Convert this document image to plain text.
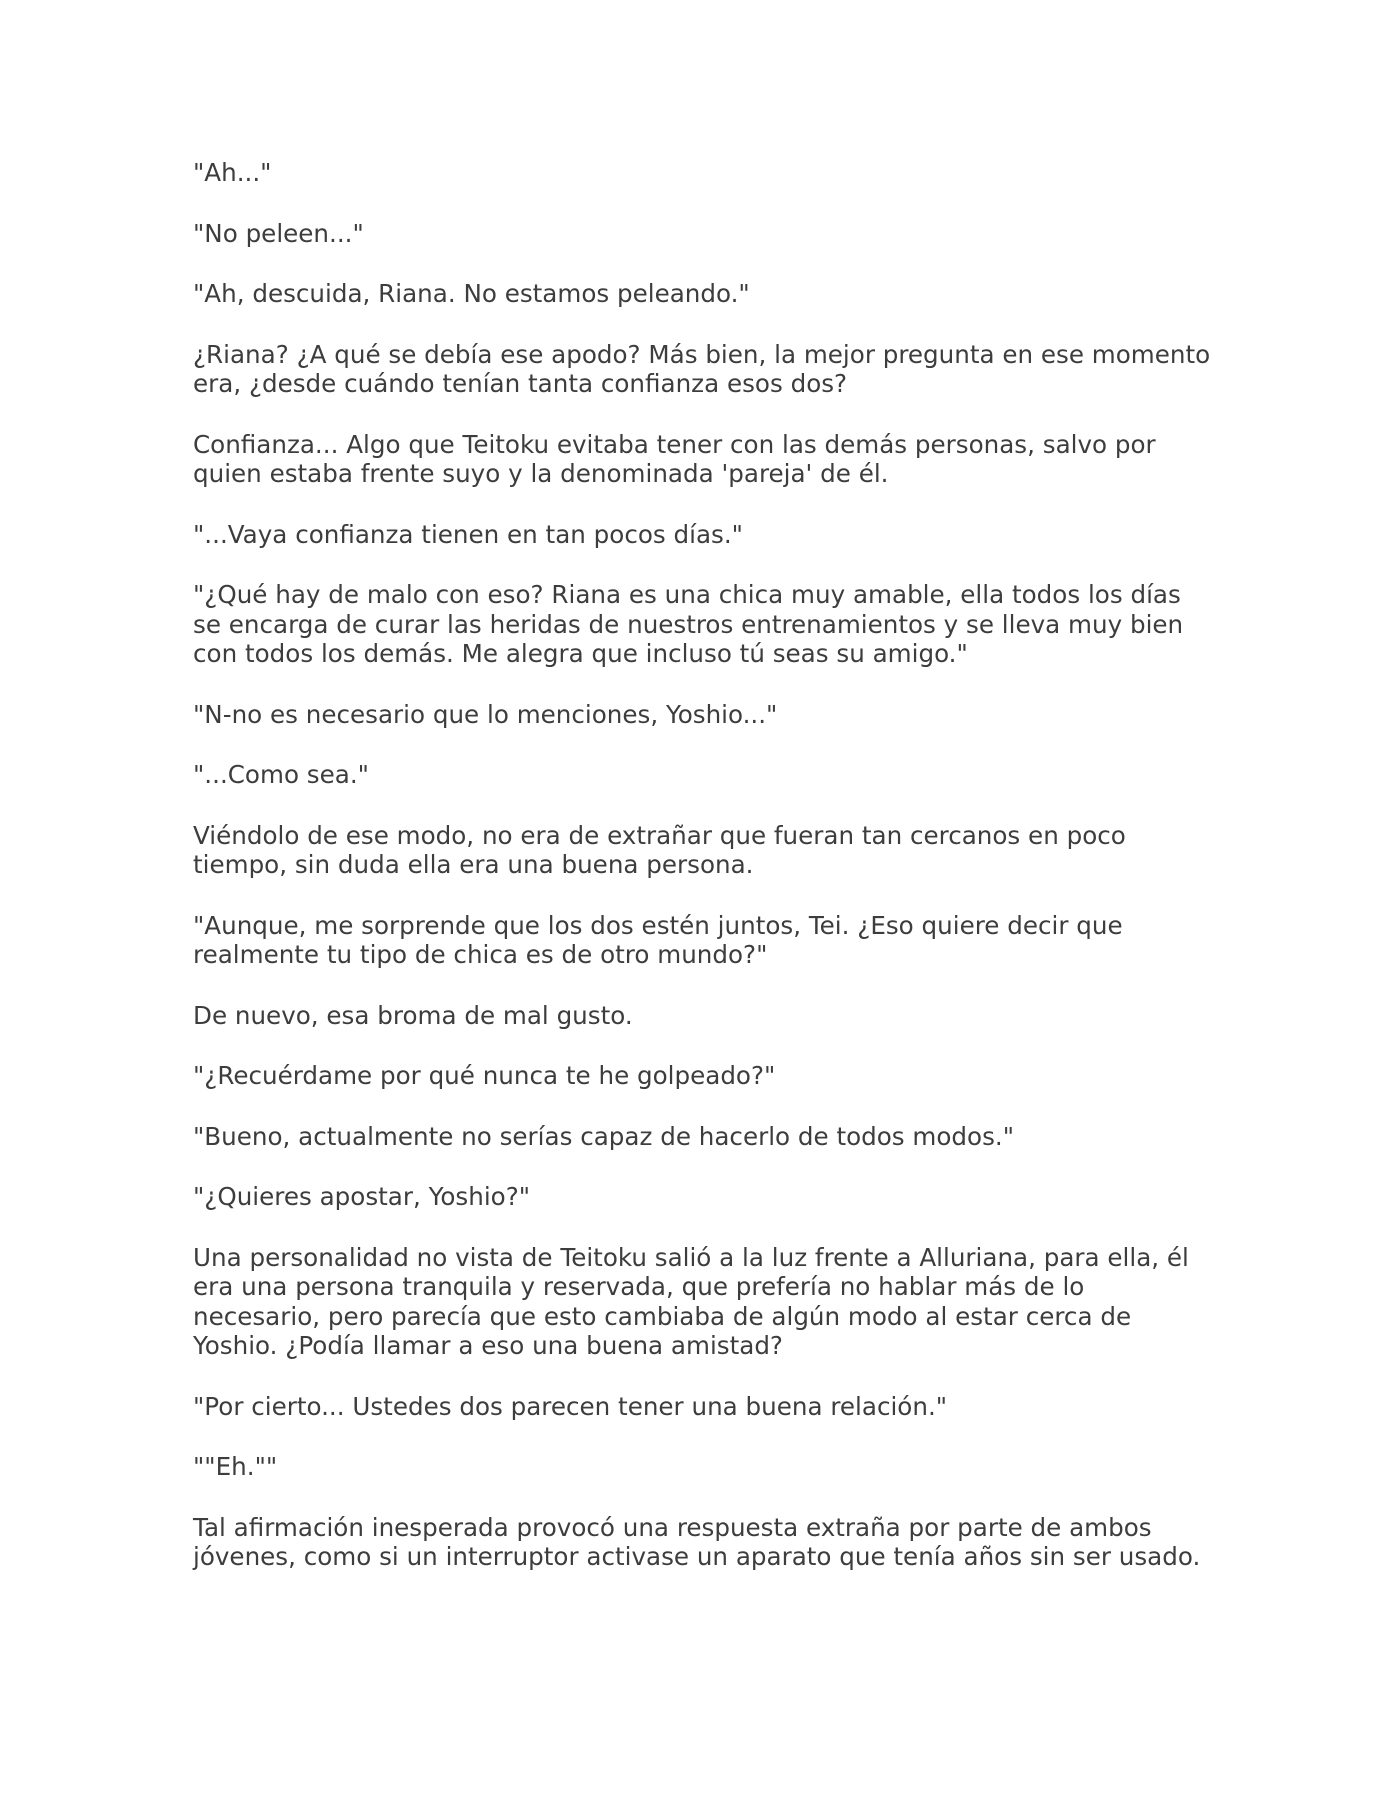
"Ah..."

"No peleen..."

"Ah, descuida, Riana. No estamos peleando."

¿Riana? ¿A qué se debía ese apodo? Más bien, la mejor pregunta en ese momento era, ¿desde cuándo tenían tanta confianza esos dos?

Confianza... Algo que Teitoku evitaba tener con las demás personas, salvo por quien estaba frente suyo y la denominada 'pareja' de él.

"...Vaya confianza tienen en tan pocos días."

"¿Qué hay de malo con eso? Riana es una chica muy amable, ella todos los días se encarga de curar las heridas de nuestros entrenamientos y se lleva muy bien con todos los demás. Me alegra que incluso tú seas su amigo."

"N-no es necesario que lo menciones, Yoshio..."

"...Como sea."

Viéndolo de ese modo, no era de extrañar que fueran tan cercanos en poco tiempo, sin duda ella era una buena persona.

"Aunque, me sorprende que los dos estén juntos, Tei. ¿Eso quiere decir que realmente tu tipo de chica es de otro mundo?"

De nuevo, esa broma de mal gusto.

"¿Recuérdame por qué nunca te he golpeado?"

"Bueno, actualmente no serías capaz de hacerlo de todos modos."

"¿Quieres apostar, Yoshio?"

Una personalidad no vista de Teitoku salió a la luz frente a Alluriana, para ella, él era una persona tranquila y reservada, que prefería no hablar más de lo necesario, pero parecía que esto cambiaba de algún modo al estar cerca de Yoshio. ¿Podía llamar a eso una buena amistad?

"Por cierto... Ustedes dos parecen tener una buena relación."

""Eh.""

Tal afirmación inesperada provocó una respuesta extraña por parte de ambos jóvenes, como si un interruptor activase un aparato que tenía años sin ser usado.
